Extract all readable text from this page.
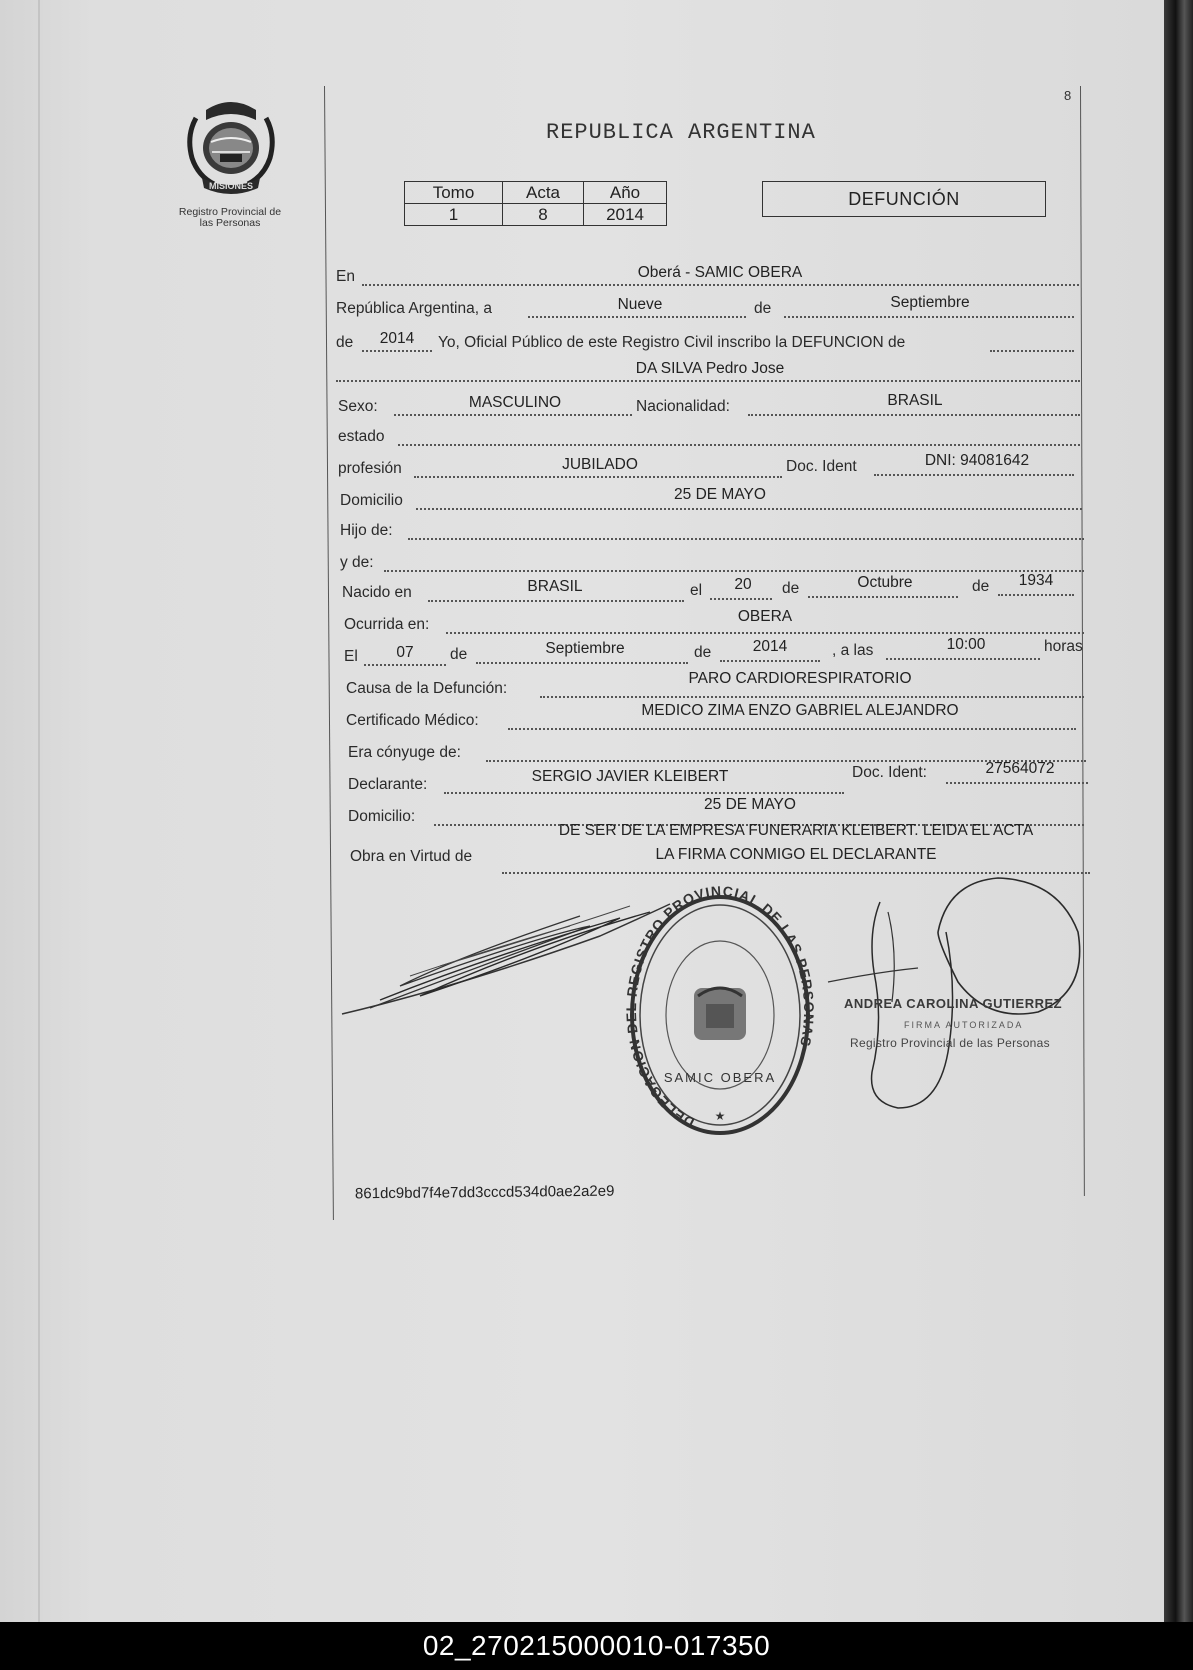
MISIONES
Registro Provincial de
las Personas
8
REPUBLICA ARGENTINA
Tomo	Acta	Año
1	8	2014
DEFUNCIÓN
En	Oberá - SAMIC OBERA
República Argentina, a	Nueve	de	Septiembre
de	2014	Yo, Oficial Público de este Registro Civil inscribo la DEFUNCION de
DA SILVA Pedro Jose
Sexo:	MASCULINO	Nacionalidad:	BRASIL
estado
profesión	JUBILADO	Doc. Ident	DNI: 94081642
Domicilio	25 DE MAYO
Hijo de:
y de:
Nacido en	BRASIL	el	20	de	Octubre	de	1934
Ocurrida en:	OBERA
El	07	de	Septiembre	de	2014	, a las	10:00	horas
Causa de la Defunción:
PARO CARDIORESPIRATORIO
Certificado Médico:
MEDICO ZIMA ENZO GABRIEL ALEJANDRO
Era cónyuge de:
Declarante:	SERGIO JAVIER KLEIBERT	Doc. Ident:	27564072
Domicilio:
25 DE MAYO
Obra en Virtud de
DE SER DE LA EMPRESA FUNERARIA KLEIBERT. LEIDA EL ACTA
LA FIRMA CONMIGO EL DECLARANTE
DELEGACION DEL REGISTRO PROVINCIAL DE LAS PERSONAS
SAMIC OBERA
★
ANDREA CAROLINA GUTIERREZ
FIRMA AUTORIZADA
Registro Provincial de las Personas
861dc9bd7f4e7dd3cccd534d0ae2a2e9
02_270215000010-017350
